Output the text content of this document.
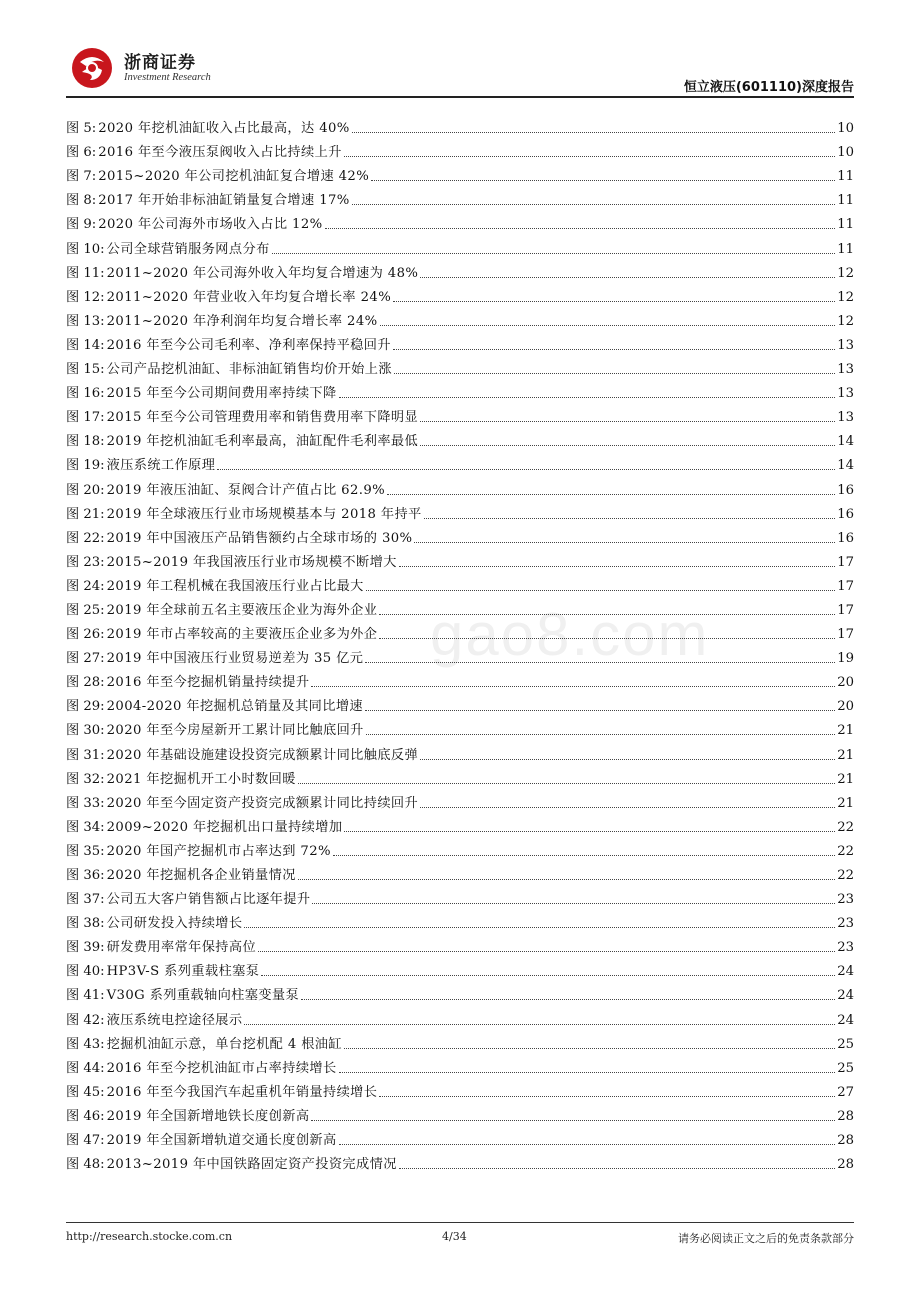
浙商证券
Investment Research
恒立液压(601110)深度报告
图 5: 2020 年挖机油缸收入占比最高，达 40%	10
图 6: 2016 年至今液压泵阀收入占比持续上升	10
图 7: 2015~2020 年公司挖机油缸复合增速 42%	11
图 8: 2017 年开始非标油缸销量复合增速 17%	11
图 9: 2020 年公司海外市场收入占比 12%	11
图 10: 公司全球营销服务网点分布	11
图 11: 2011~2020 年公司海外收入年均复合增速为 48%	12
图 12: 2011~2020 年营业收入年均复合增长率 24%	12
图 13: 2011~2020 年净利润年均复合增长率 24%	12
图 14: 2016 年至今公司毛利率、净利率保持平稳回升	13
图 15: 公司产品挖机油缸、非标油缸销售均价开始上涨	13
图 16: 2015 年至今公司期间费用率持续下降	13
图 17: 2015 年至今公司管理费用率和销售费用率下降明显	13
图 18: 2019 年挖机油缸毛利率最高，油缸配件毛利率最低	14
图 19: 液压系统工作原理	14
图 20: 2019 年液压油缸、泵阀合计产值占比 62.9%	16
图 21: 2019 年全球液压行业市场规模基本与 2018 年持平	16
图 22: 2019 年中国液压产品销售额约占全球市场的 30%	16
图 23: 2015~2019 年我国液压行业市场规模不断增大	17
图 24: 2019 年工程机械在我国液压行业占比最大	17
图 25: 2019 年全球前五名主要液压企业为海外企业	17
图 26: 2019 年市占率较高的主要液压企业多为外企	17
图 27: 2019 年中国液压行业贸易逆差为 35 亿元	19
图 28: 2016 年至今挖掘机销量持续提升	20
图 29: 2004-2020 年挖掘机总销量及其同比增速	20
图 30: 2020 年至今房屋新开工累计同比触底回升	21
图 31: 2020 年基础设施建设投资完成额累计同比触底反弹	21
图 32: 2021 年挖掘机开工小时数回暖	21
图 33: 2020 年至今固定资产投资完成额累计同比持续回升	21
图 34: 2009~2020 年挖掘机出口量持续增加	22
图 35: 2020 年国产挖掘机市占率达到 72%	22
图 36: 2020 年挖掘机各企业销量情况	22
图 37: 公司五大客户销售额占比逐年提升	23
图 38: 公司研发投入持续增长	23
图 39: 研发费用率常年保持高位	23
图 40: HP3V-S 系列重载柱塞泵	24
图 41: V30G 系列重载轴向柱塞变量泵	24
图 42: 液压系统电控途径展示	24
图 43: 挖掘机油缸示意，单台挖机配 4 根油缸	25
图 44: 2016 年至今挖机油缸市占率持续增长	25
图 45: 2016 年至今我国汽车起重机年销量持续增长	27
图 46: 2019 年全国新增地铁长度创新高	28
图 47: 2019 年全国新增轨道交通长度创新高	28
图 48: 2013~2019 年中国铁路固定资产投资完成情况	28
gao8.com
http://research.stocke.com.cn	4/34	请务必阅读正文之后的免责条款部分
